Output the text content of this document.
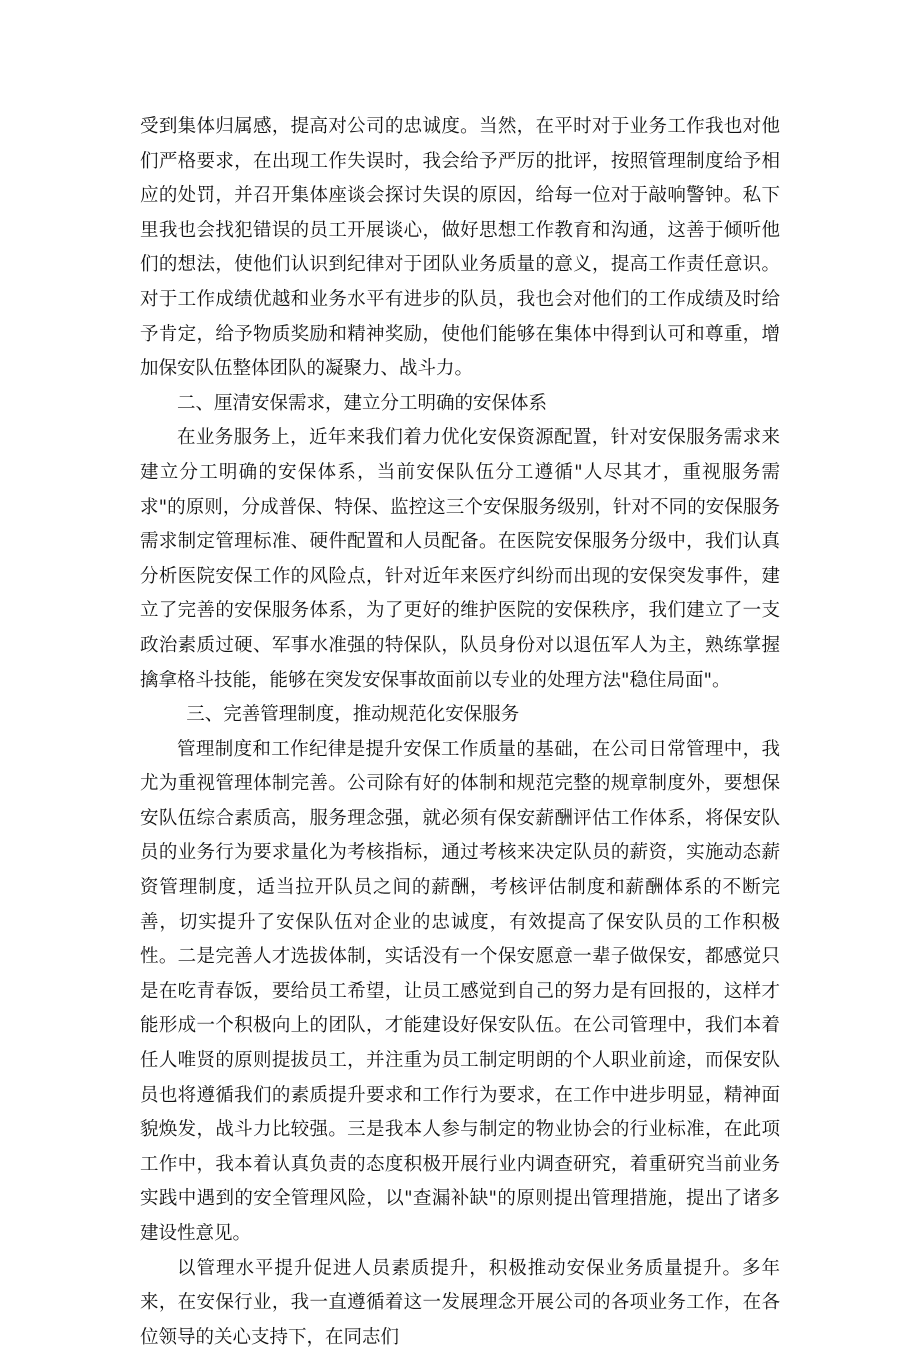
受到集体归属感，提高对公司的忠诚度。当然，在平时对于业务工作我也对他们严格要求，在出现工作失误时，我会给予严厉的批评，按照管理制度给予相应的处罚，并召开集体座谈会探讨失误的原因，给每一位对于敲响警钟。私下里我也会找犯错误的员工开展谈心，做好思想工作教育和沟通，这善于倾听他们的想法，使他们认识到纪律对于团队业务质量的意义，提高工作责任意识。对于工作成绩优越和业务水平有进步的队员，我也会对他们的工作成绩及时给予肯定，给予物质奖励和精神奖励，使他们能够在集体中得到认可和尊重，增加保安队伍整体团队的凝聚力、战斗力。

二、厘清安保需求，建立分工明确的安保体系

在业务服务上，近年来我们着力优化安保资源配置，针对安保服务需求来建立分工明确的安保体系，当前安保队伍分工遵循"人尽其才，重视服务需求"的原则，分成普保、特保、监控这三个安保服务级别，针对不同的安保服务需求制定管理标准、硬件配置和人员配备。在医院安保服务分级中，我们认真分析医院安保工作的风险点，针对近年来医疗纠纷而出现的安保突发事件，建立了完善的安保服务体系，为了更好的维护医院的安保秩序，我们建立了一支政治素质过硬、军事水准强的特保队，队员身份对以退伍军人为主，熟练掌握擒拿格斗技能，能够在突发安保事故面前以专业的处理方法"稳住局面"。

三、完善管理制度，推动规范化安保服务

管理制度和工作纪律是提升安保工作质量的基础，在公司日常管理中，我尤为重视管理体制完善。公司除有好的体制和规范完整的规章制度外，要想保安队伍综合素质高，服务理念强，就必须有保安薪酬评估工作体系，将保安队员的业务行为要求量化为考核指标，通过考核来决定队员的薪资，实施动态薪资管理制度，适当拉开队员之间的薪酬，考核评估制度和薪酬体系的不断完善，切实提升了安保队伍对企业的忠诚度，有效提高了保安队员的工作积极性。二是完善人才选拔体制，实话没有一个保安愿意一辈子做保安，都感觉只是在吃青春饭，要给员工希望，让员工感觉到自己的努力是有回报的，这样才能形成一个积极向上的团队，才能建设好保安队伍。在公司管理中，我们本着任人唯贤的原则提拔员工，并注重为员工制定明朗的个人职业前途，而保安队员也将遵循我们的素质提升要求和工作行为要求，在工作中进步明显，精神面貌焕发，战斗力比较强。三是我本人参与制定的物业协会的行业标准，在此项工作中，我本着认真负责的态度积极开展行业内调查研究，着重研究当前业务实践中遇到的安全管理风险，以"查漏补缺"的原则提出管理措施，提出了诸多建设性意见。

以管理水平提升促进人员素质提升，积极推动安保业务质量提升。多年来，在安保行业，我一直遵循着这一发展理念开展公司的各项业务工作，在各位领导的关心支持下，在同志们
